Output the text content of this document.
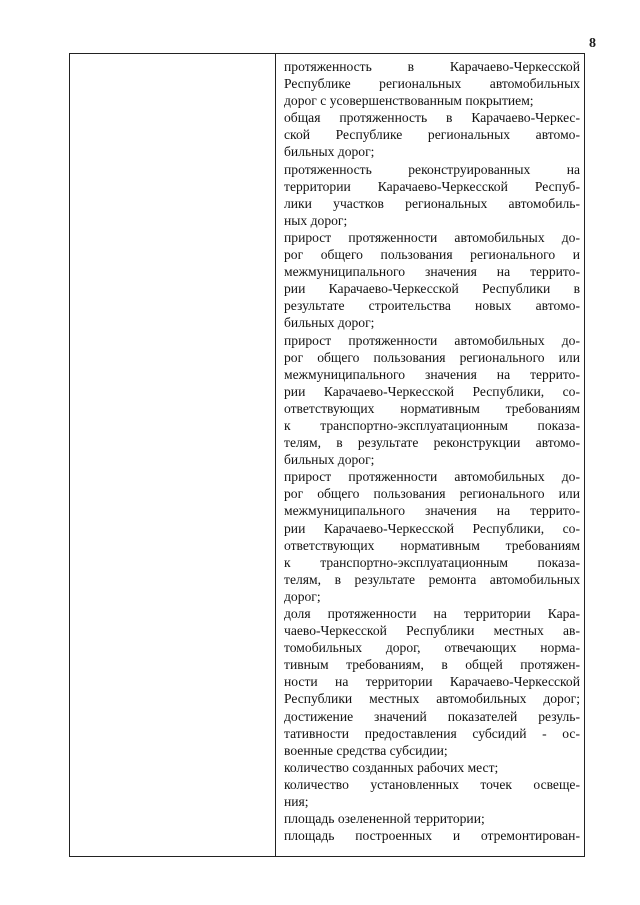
8
протяженность в Карачаево-Черкесской
Республике региональных автомобильных
дорог с усовершенствованным покрытием;
общая протяженность в Карачаево-Черкес-
ской Республике региональных автомо-
бильных дорог;
протяженность реконструированных на
территории Карачаево-Черкесской Респуб-
лики участков региональных автомобиль-
ных дорог;
прирост протяженности автомобильных до-
рог общего пользования регионального и
межмуниципального значения на террито-
рии Карачаево-Черкесской Республики в
результате строительства новых автомо-
бильных дорог;
прирост протяженности автомобильных до-
рог общего пользования регионального или
межмуниципального значения на террито-
рии Карачаево-Черкесской Республики, со-
ответствующих нормативным требованиям
к транспортно-эксплуатационным показа-
телям, в результате реконструкции автомо-
бильных дорог;
прирост протяженности автомобильных до-
рог общего пользования регионального или
межмуниципального значения на террито-
рии Карачаево-Черкесской Республики, со-
ответствующих нормативным требованиям
к транспортно-эксплуатационным показа-
телям, в результате ремонта автомобильных
дорог;
доля протяженности на территории Кара-
чаево-Черкесской Республики местных ав-
томобильных дорог, отвечающих норма-
тивным требованиям, в общей протяжен-
ности на территории Карачаево-Черкесской
Республики местных автомобильных дорог;
достижение значений показателей резуль-
тативности предоставления субсидий - ос-
военные средства субсидии;
количество созданных рабочих мест;
количество установленных точек освеще-
ния;
площадь озелененной территории;
площадь построенных и отремонтирован-
